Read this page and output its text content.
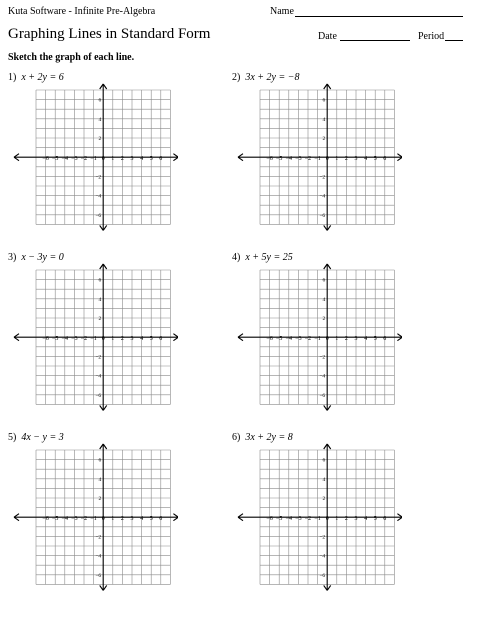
Kuta Software - Infinite Pre-Algebra	Name
Graphing Lines in Standard Form	Date	Period
Sketch the graph of each line.
1) x + 2y = 6
−6 −5 −4 −3 −2 −1 0 1 2 3 4 5 6
6
4
2
−2
−4
−6
2) 3x + 2y = −8
−6 −5 −4 −3 −2 −1 0 1 2 3 4 5 6
6
4
2
−2
−4
−6
3) x − 3y = 0
−6 −5 −4 −3 −2 −1 0 1 2 3 4 5 6
6
4
2
−2
−4
−6
4) x + 5y = 25
−6 −5 −4 −3 −2 −1 0 1 2 3 4 5 6
6
4
2
−2
−4
−6
5) 4x − y = 3
−6 −5 −4 −3 −2 −1 0 1 2 3 4 5 6
6
4
2
−2
−4
−6
6) 3x + 2y = 8
−6 −5 −4 −3 −2 −1 0 1 2 3 4 5 6
6
4
2
−2
−4
−6
